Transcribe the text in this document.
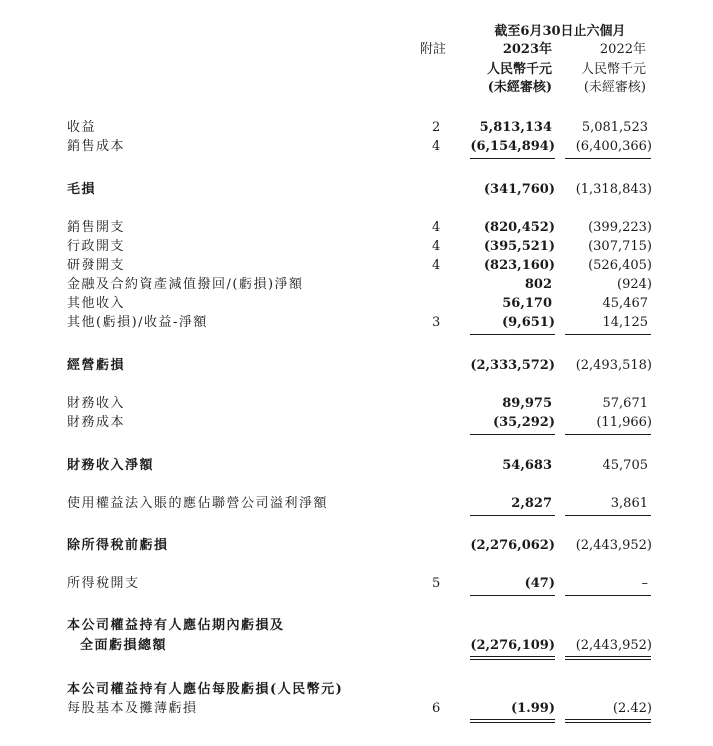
截至6月30日止六個月
附註	2023年	2022年
人民幣千元	人民幣千元
(未經審核)	(未經審核)
收益	2	5,813,134	5,081,523
銷售成本	4	(6,154,894)	(6,400,366)
毛損	(341,760)	(1,318,843)
銷售開支	4	(820,452)	(399,223)
行政開支	4	(395,521)	(307,715)
研發開支	4	(823,160)	(526,405)
金融及合約資產減值撥回/(虧損)淨額	802	(924)
其他收入	56,170	45,467
其他(虧損)/收益-淨額	3	(9,651)	14,125
經營虧損	(2,333,572)	(2,493,518)
財務收入	89,975	57,671
財務成本	(35,292)	(11,966)
財務收入淨額	54,683	45,705
使用權益法入賬的應佔聯營公司溢利淨額	2,827	3,861
除所得稅前虧損	(2,276,062)	(2,443,952)
所得稅開支	5	(47)	–
本公司權益持有人應佔期內虧損及
全面虧損總額	(2,276,109)	(2,443,952)
本公司權益持有人應佔每股虧損(人民幣元)
每股基本及攤薄虧損	6	(1.99)	(2.42)
